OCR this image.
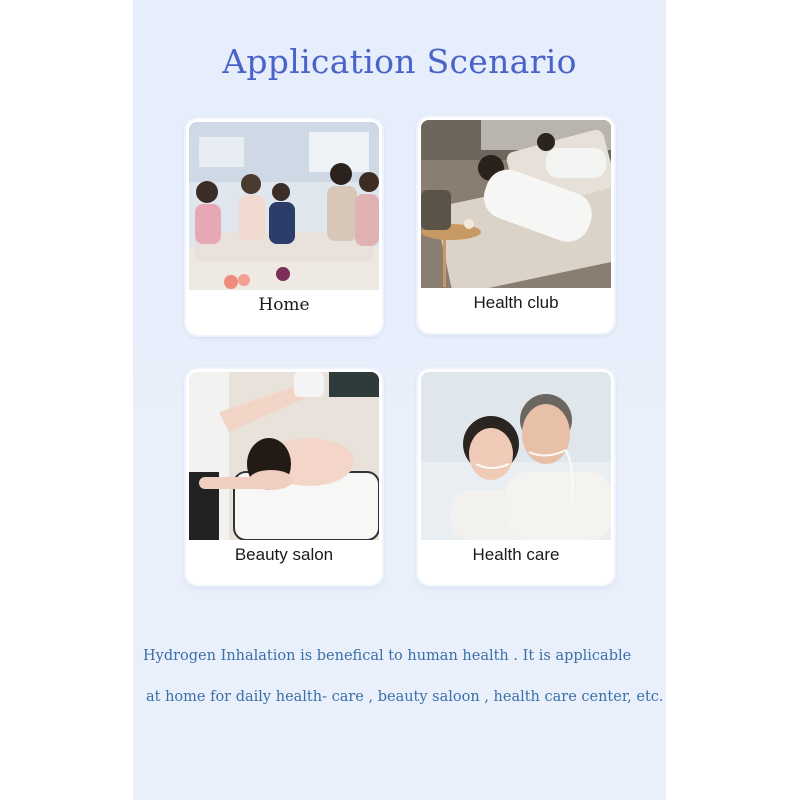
Application Scenario
Home	Health club
Beauty salon	Health care
Hydrogen Inhalation is benefical to human health . It is applicable
at home for daily health- care , beauty saloon , health care center, etc.
